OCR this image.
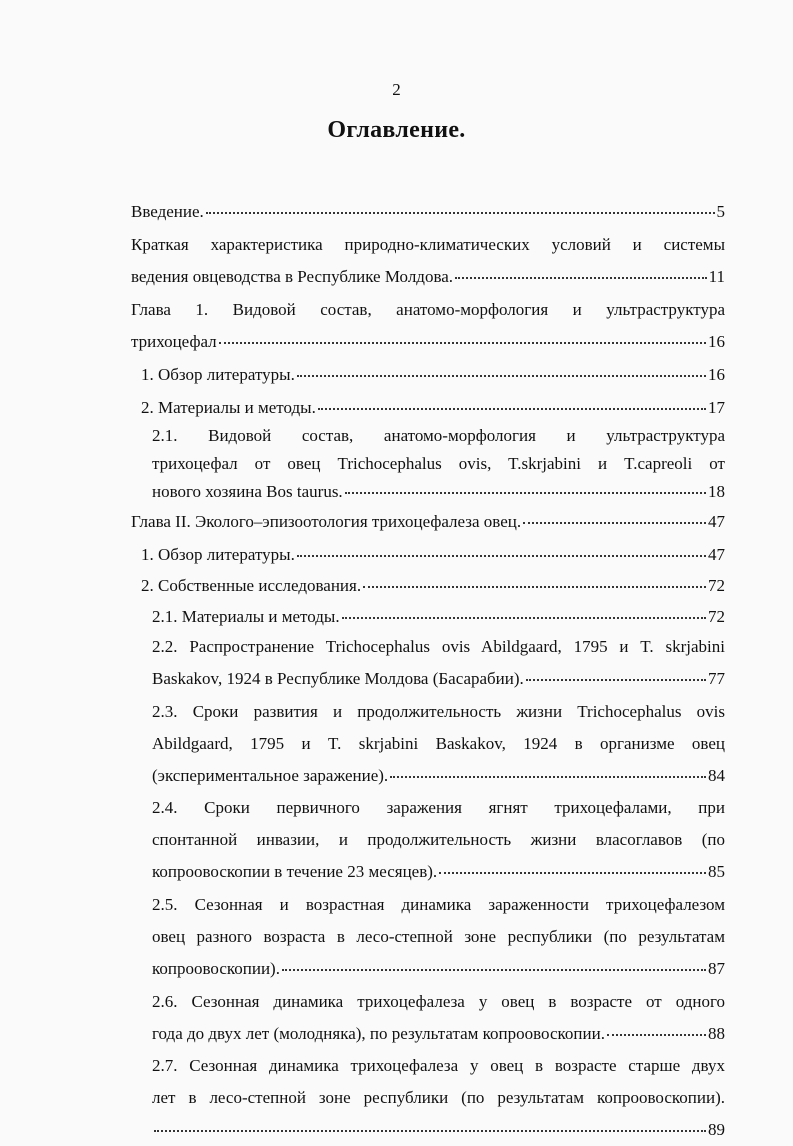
2
Оглавление.
Введение.	5
Краткая характеристика природно-климатических условий и системы
ведения овцеводства в Республике Молдова.	11
Глава 1. Видовой состав, анатомо-морфология и ультраструктура
трихоцефал	16
1. Обзор литературы.	16
2. Материалы и методы.	17
2.1. Видовой состав, анатомо-морфология и ультраструктура
трихоцефал от овец Trichocephalus ovis, T.skrjabini и T.capreoli от
нового хозяина Bos taurus.	18
Глава II. Эколого–эпизоотология трихоцефалеза овец.	47
1. Обзор литературы.	47
2. Собственные исследования.	72
2.1. Материалы и методы.	72
2.2. Распространение Trichocephalus ovis Abildgaard, 1795 и T. skrjabini
Baskakov, 1924 в Республике Молдова (Басарабии).	77
2.3. Сроки развития и продолжительность жизни Trichocephalus ovis
Abildgaard, 1795 и T. skrjabini Baskakov, 1924 в организме овец
(экспериментальное заражение).	84
2.4. Сроки первичного заражения ягнят трихоцефалами, при
спонтанной инвазии, и продолжительность жизни власоглавов (по
копроовоскопии в течение 23 месяцев).	85
2.5. Сезонная и возрастная динамика зараженности трихоцефалезом
овец разного возраста в лесо-степной зоне республики (по результатам
копроовоскопии).	87
2.6. Сезонная динамика трихоцефалеза у овец в возрасте от одного
года до двух лет (молодняка), по результатам копроовоскопии.	88
2.7. Сезонная динамика трихоцефалеза у овец в возрасте старше двух
лет в лесо-степной зоне республики (по результатам копроовоскопии).
89
